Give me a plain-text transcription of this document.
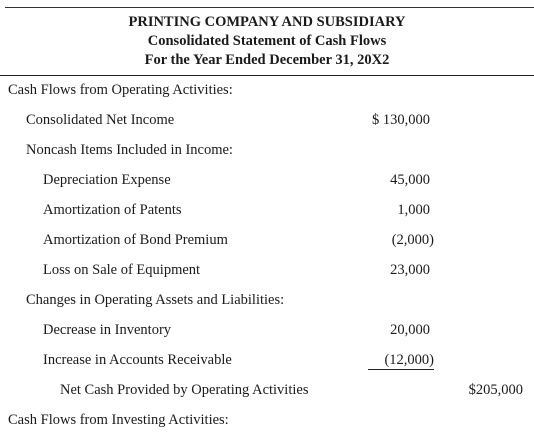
PRINTING COMPANY AND SUBSIDIARY
Consolidated Statement of Cash Flows
For the Year Ended December 31, 20X2
Cash Flows from Operating Activities:
Consolidated Net Income	$ 130,000
Noncash Items Included in Income:
Depreciation Expense	45,000
Amortization of Patents	1,000
Amortization of Bond Premium	(2,000)
Loss on Sale of Equipment	23,000
Changes in Operating Assets and Liabilities:
Decrease in Inventory	20,000
Increase in Accounts Receivable	(12,000)
Net Cash Provided by Operating Activities	$205,000
Cash Flows from Investing Activities:
